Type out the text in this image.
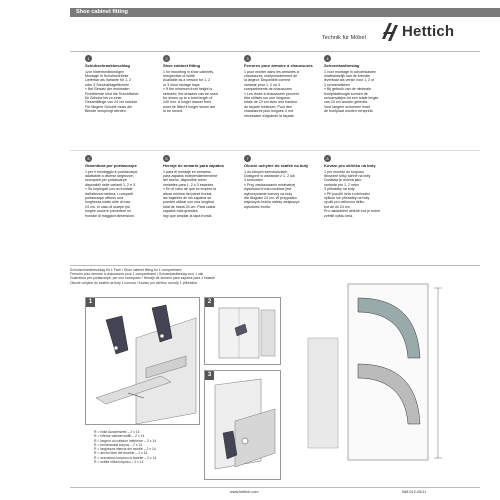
Shoe cabinet fitting
Hettich
Technik für Möbel
1
Schuhschrankbeschlag
1zur hinterrundbündigen
Montage in Schuhschränke
Lieferbar als Variante für 1, 2
oder 3 Schuhablagefächern
» Bei Einsatz der minimalen
Frontblende sind die Schuhfächer
für Schuhe bis zu einer
Gesamtlänge von 24 cm nutzbar
Für längere Schuhe muss die
Blende verspringt werden.
2
Shoe cabinet fitting
1 for mounting in shoe cabinets,
irrespective of width
Available as a version for 1, 2
or 3 shoe storage bays
» If the minimum front height is
selected, the drawers can be used
for shoes up to a total length of
240 mm. A longer drawer front
must be fitted if longer shoes are
to be stored.
3
Ferrures pour armoire à chaussures
1 pour monter dans les armoires à
chaussures, indépendamment de
la largeur. Disponible comme
variante pour 1, 2 ou 3
compartiments de chaussures
» Les tiroirs à chaussures peuvent
être utilisés sur une longueur
totale de 24 cm avec une hauteur
de façade minimum. Pour des
chaussures plus longues, il est
nécessaire d'agrandir la façade.
4
Schoenkastbeslag
1 voor montage in schoenkasten
onafhankelijk van de breedte
leverbaar als versie voor 1, 2 of
3 schoenvakken
» Bij gebruik van de minimale
frontplaathoogte kunnen de
schoenvakjes tot een totale lengte
van 24 cm worden gebruikt.
Voor langere schoenen moet
de frontplaat worden verspreid.
5
Guarnitura per portascarpe
1 per il montaggio in portascarpe,
adattabile a diverse larghezze;
scomparti per portascarpe
disponibili nelle varianti 1, 2 e 3
» Se impiegati con un frontale
dall'altezza minima, i comparti
portascarpe offrono una
lunghezza totale utile di max.
24 cm. In caso di scarpe più
lunghe occorre prevedere un
frontale di maggiori dimensioni.
6
Herraje de armario para zapatos
1 para el montaje en armarios
para zapatos independientemente
del ancho, disponible como
variantes para 1, 2 o 3 estantes
» En el caso de que se emplee la
altura mínima del panel frontal,
las bajantes de los zapatos se
pueden utilizar con una longitud
total de hasta 24 cm. Para calzar
zapatos más grandes,
hay que ampliar la tapa frontal.
7
Okucie uchylne do szafek na buty
1 do których szerokościach
Dostępne w wariancie z 1, 2 lub
3 komorami
» Przy zastosowaniu minimalnej
wysokości frontu możliwe jest
wykorzystanie komory na buty
dla długości 24 cm. W przypadku
większych butów należy zwiększyć
wysokość frontu.
8
Kování pro skříňku na boty
1 pro montáž do korpusu
libovolné šířky skříně na boty
Dodávka je možná jako
varianta pro 1, 2 nebo
3 přihrádky na boty
» Při použití čela s minimální
výškou lze přihrádky na boty
využít pro celkovou délku
bot až do 24 cm.
Pro uskladnění delších bot je nutné
zvětšit výšku čela.
Schuhschrankbeschlag für 1 Fach / Shoe cabinet fitting for 1 compartment
Ferrures pour armoire à chaussures pour 1 compartiment / Schoenkastbeslag voor 1 vak
Guarnitura per portascarpe, per uno scomparto / Herraje de armario para zapatos para 1 estante
Okucie uchylne do szafek na buty 1 komora / Kování pro skříňku na boty 1 přihrádka
1	2
3
R = linke Aussenseite – 2 x 14
R = inferior cabinet width – 2 x 14
R = largeur du caisson intérieure – 2 x 14
R = binnenmaat korpus – 2 x 14
R = larghezza interna del mobile – 2 x 14
R = ancho libre del mueble – 2 x 14
R = szerokość korpusu w świetle – 2 x 14
R = světlá šířka korpusu – 2 x 14
www.hettich.com	068 612-05/11
